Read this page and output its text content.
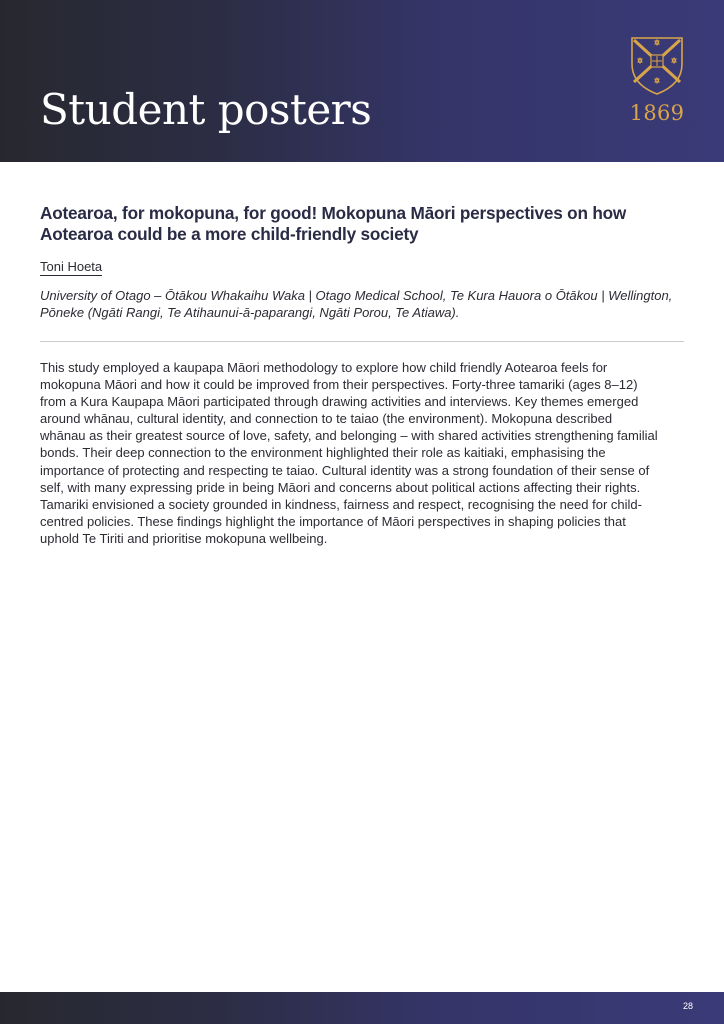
Student posters	1869
Aotearoa, for mokopuna, for good! Mokopuna Māori perspectives on how Aotearoa could be a more child-friendly society
Toni Hoeta

University of Otago – Ōtākou Whakaihu Waka | Otago Medical School, Te Kura Hauora o Ōtākou | Wellington, Pōneke (Ngāti Rangi, Te Atihaunui-ā-paparangi, Ngāti Porou, Te Atiawa).

This study employed a kaupapa Māori methodology to explore how child friendly Aotearoa feels for mokopuna Māori and how it could be improved from their perspectives. Forty-three tamariki (ages 8–12) from a Kura Kaupapa Māori participated through drawing activities and interviews. Key themes emerged around whānau, cultural identity, and connection to te taiao (the environment). Mokopuna described whānau as their greatest source of love, safety, and belonging – with shared activities strengthening familial bonds. Their deep connection to the environment highlighted their role as kaitiaki, emphasising the importance of protecting and respecting te taiao. Cultural identity was a strong foundation of their sense of self, with many expressing pride in being Māori and concerns about political actions affecting their rights. Tamariki envisioned a society grounded in kindness, fairness and respect, recognising the need for child-centred policies. These findings highlight the importance of Māori perspectives in shaping policies that uphold Te Tiriti and prioritise mokopuna wellbeing.

28
